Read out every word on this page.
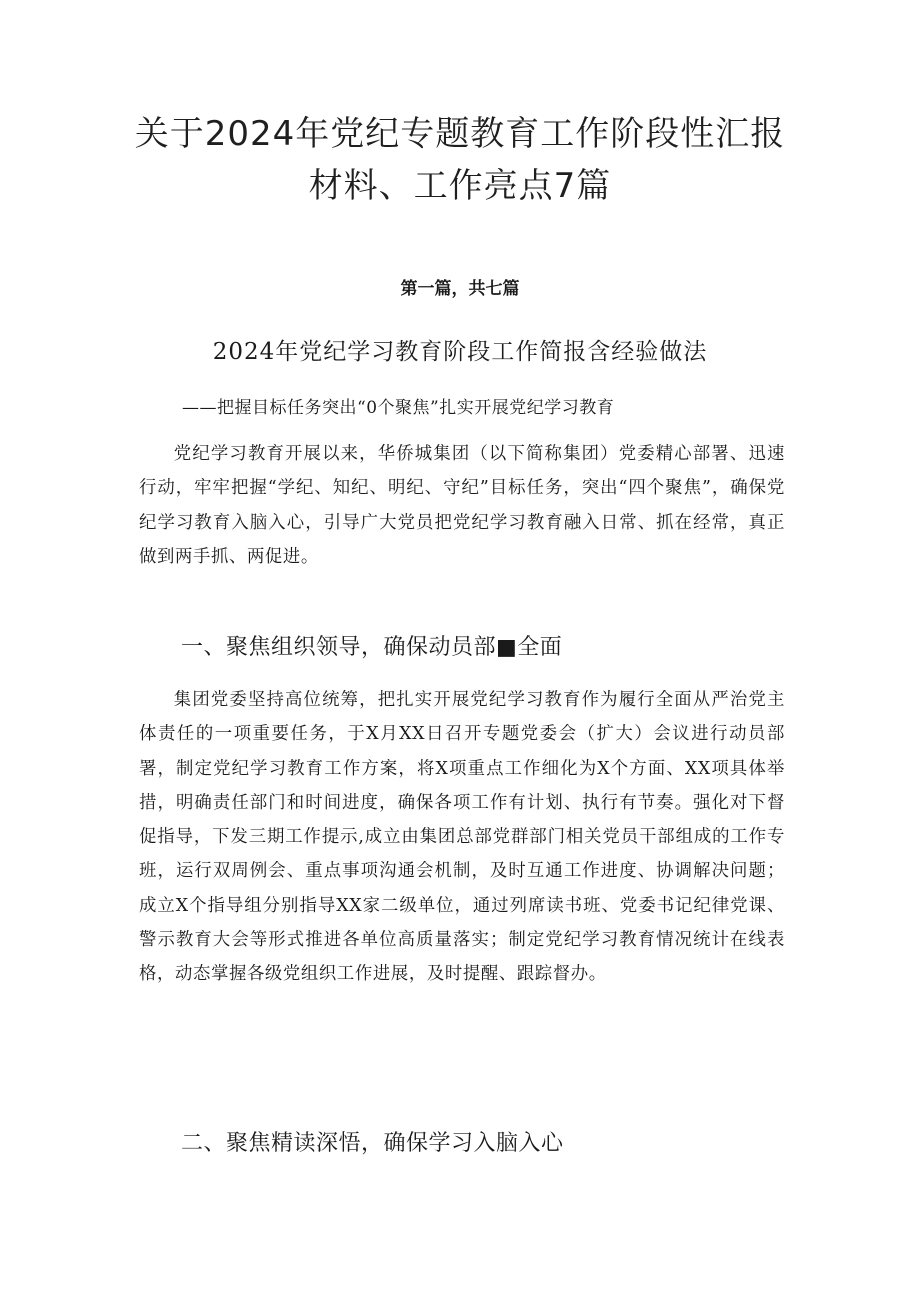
关于2024年党纪专题教育工作阶段性汇报材料、工作亮点7篇

第一篇，共七篇

2024年党纪学习教育阶段工作简报含经验做法

——把握目标任务突出“0个聚焦”扎实开展党纪学习教育

党纪学习教育开展以来，华侨城集团（以下简称集团）党委精心部署、迅速行动，牢牢把握“学纪、知纪、明纪、守纪”目标任务，突出“四个聚焦”，确保党纪学习教育入脑入心，引导广大党员把党纪学习教育融入日常、抓在经常，真正做到两手抓、两促进。

一、聚焦组织领导，确保动员部■全面

集团党委坚持高位统筹，把扎实开展党纪学习教育作为履行全面从严治党主体责任的一项重要任务，于X月XX日召开专题党委会（扩大）会议进行动员部署，制定党纪学习教育工作方案，将X项重点工作细化为X个方面、XX项具体举措，明确责任部门和时间进度，确保各项工作有计划、执行有节奏。强化对下督促指导，下发三期工作提示,成立由集团总部党群部门相关党员干部组成的工作专班，运行双周例会、重点事项沟通会机制，及时互通工作进度、协调解决问题；成立X个指导组分别指导XX家二级单位，通过列席读书班、党委书记纪律党课、警示教育大会等形式推进各单位高质量落实；制定党纪学习教育情况统计在线表格，动态掌握各级党组织工作进展，及时提醒、跟踪督办。

二、聚焦精读深悟，确保学习入脑入心
